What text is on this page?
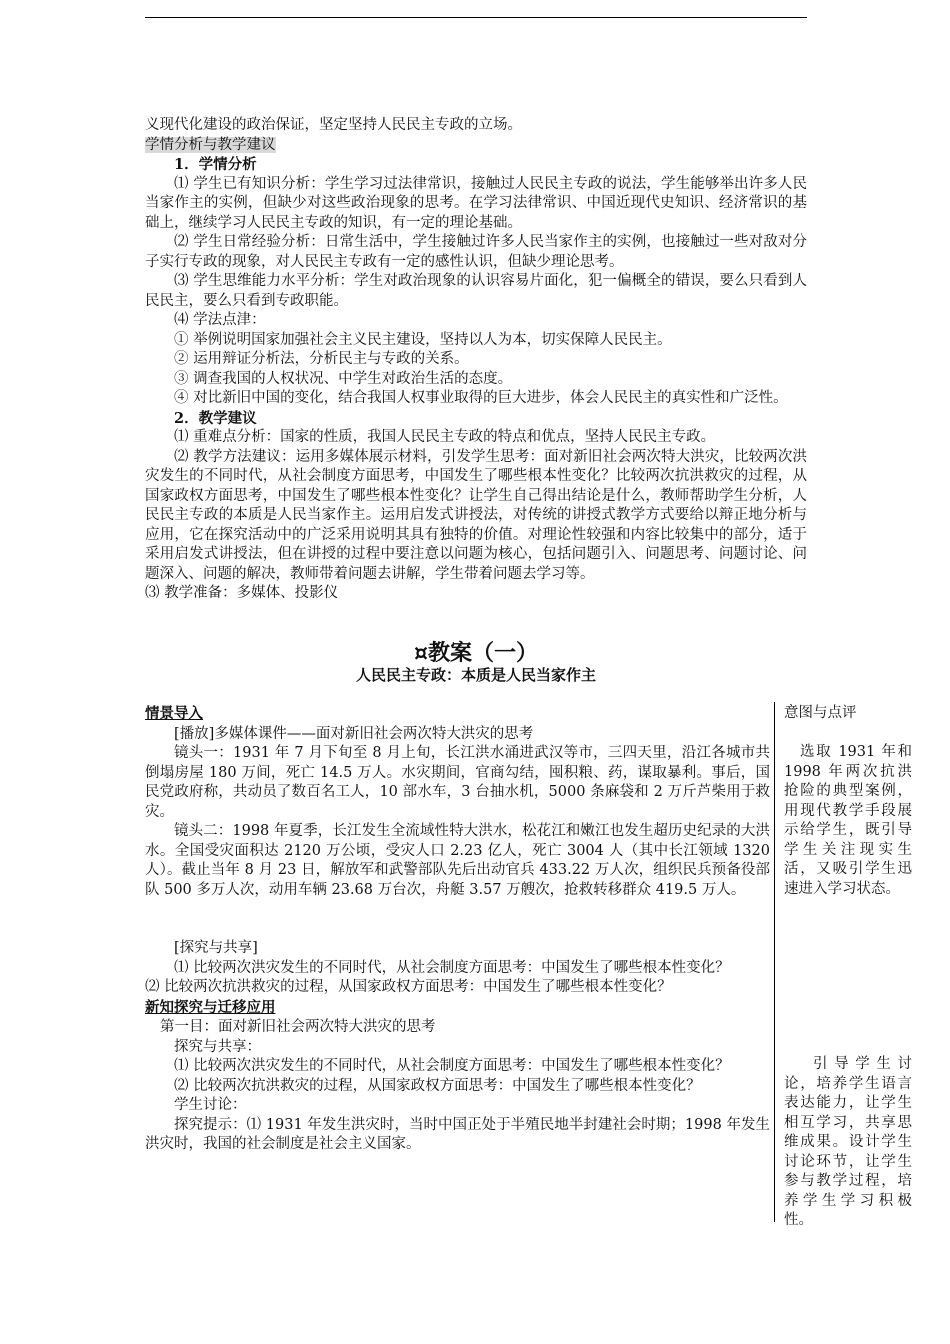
义现代化建设的政治保证，坚定坚持人民民主专政的立场。

学情分析与教学建议

1．学情分析

⑴ 学生已有知识分析：学生学习过法律常识，接触过人民民主专政的说法，学生能够举出许多人民当家作主的实例，但缺少对这些政治现象的思考。在学习法律常识、中国近现代史知识、经济常识的基础上，继续学习人民民主专政的知识，有一定的理论基础。

⑵ 学生日常经验分析：日常生活中，学生接触过许多人民当家作主的实例，也接触过一些对敌对分子实行专政的现象，对人民民主专政有一定的感性认识，但缺少理论思考。

⑶ 学生思维能力水平分析：学生对政治现象的认识容易片面化，犯一偏概全的错误，要么只看到人民民主，要么只看到专政职能。

⑷ 学法点津：

① 举例说明国家加强社会主义民主建设，坚持以人为本，切实保障人民民主。

② 运用辩证分析法，分析民主与专政的关系。

③ 调查我国的人权状况、中学生对政治生活的态度。

④ 对比新旧中国的变化，结合我国人权事业取得的巨大进步，体会人民民主的真实性和广泛性。

2．教学建议

⑴ 重难点分析：国家的性质，我国人民民主专政的特点和优点，坚持人民民主专政。

⑵ 教学方法建议：运用多媒体展示材料，引发学生思考：面对新旧社会两次特大洪灾，比较两次洪灾发生的不同时代，从社会制度方面思考，中国发生了哪些根本性变化？比较两次抗洪救灾的过程，从国家政权方面思考，中国发生了哪些根本性变化？让学生自己得出结论是什么，教师帮助学生分析，人民民主专政的本质是人民当家作主。运用启发式讲授法，对传统的讲授式教学方式要给以辩正地分析与应用，它在探究活动中的广泛采用说明其具有独特的价值。对理论性较强和内容比较集中的部分，适于采用启发式讲授法，但在讲授的过程中要注意以问题为核心，包括问题引入、问题思考、问题讨论、问题深入、问题的解决，教师带着问题去讲解，学生带着问题去学习等。

⑶ 教学准备：多媒体、投影仪

¤教案（一）
人民民主专政：本质是人民当家作主

情景导入

[播放]多媒体课件——面对新旧社会两次特大洪灾的思考

镜头一：1931 年 7 月下旬至 8 月上旬，长江洪水涌进武汉等市，三四天里，沿江各城市共倒塌房屋 180 万间，死亡 14.5 万人。水灾期间，官商勾结，囤积粮、药，谋取暴利。事后，国民党政府称，共动员了数百名工人，10 部水车，3 台抽水机，5000 条麻袋和 2 万斤芦柴用于救灾。

镜头二：1998 年夏季，长江发生全流域性特大洪水，松花江和嫩江也发生超历史纪录的大洪水。全国受灾面积达 2120 万公顷，受灾人口 2.23 亿人，死亡 3004 人（其中长江领域 1320 人）。截止当年 8 月 23 日，解放军和武警部队先后出动官兵 433.22 万人次，组织民兵预备役部队 500 多万人次，动用车辆 23.68 万台次，舟艇 3.57 万艘次，抢救转移群众 419.5 万人。

[探究与共享]

⑴ 比较两次洪灾发生的不同时代，从社会制度方面思考：中国发生了哪些根本性变化？

⑵ 比较两次抗洪救灾的过程，从国家政权方面思考：中国发生了哪些根本性变化？

新知探究与迁移应用

第一目：面对新旧社会两次特大洪灾的思考

探究与共享：

⑴ 比较两次洪灾发生的不同时代，从社会制度方面思考：中国发生了哪些根本性变化？

⑵ 比较两次抗洪救灾的过程，从国家政权方面思考：中国发生了哪些根本性变化？

学生讨论：

探究提示：⑴ 1931 年发生洪灾时，当时中国正处于半殖民地半封建社会时期；1998 年发生洪灾时，我国的社会制度是社会主义国家。

意图与点评
选取 1931 年和 1998 年两次抗洪抢险的典型案例，用现代教学手段展示给学生，既引导学生关注现实生活，又吸引学生迅速进入学习状态。
引导学生讨论，培养学生语言表达能力，让学生相互学习，共享思维成果。设计学生讨论环节，让学生参与教学过程，培养学生学习积极性。
